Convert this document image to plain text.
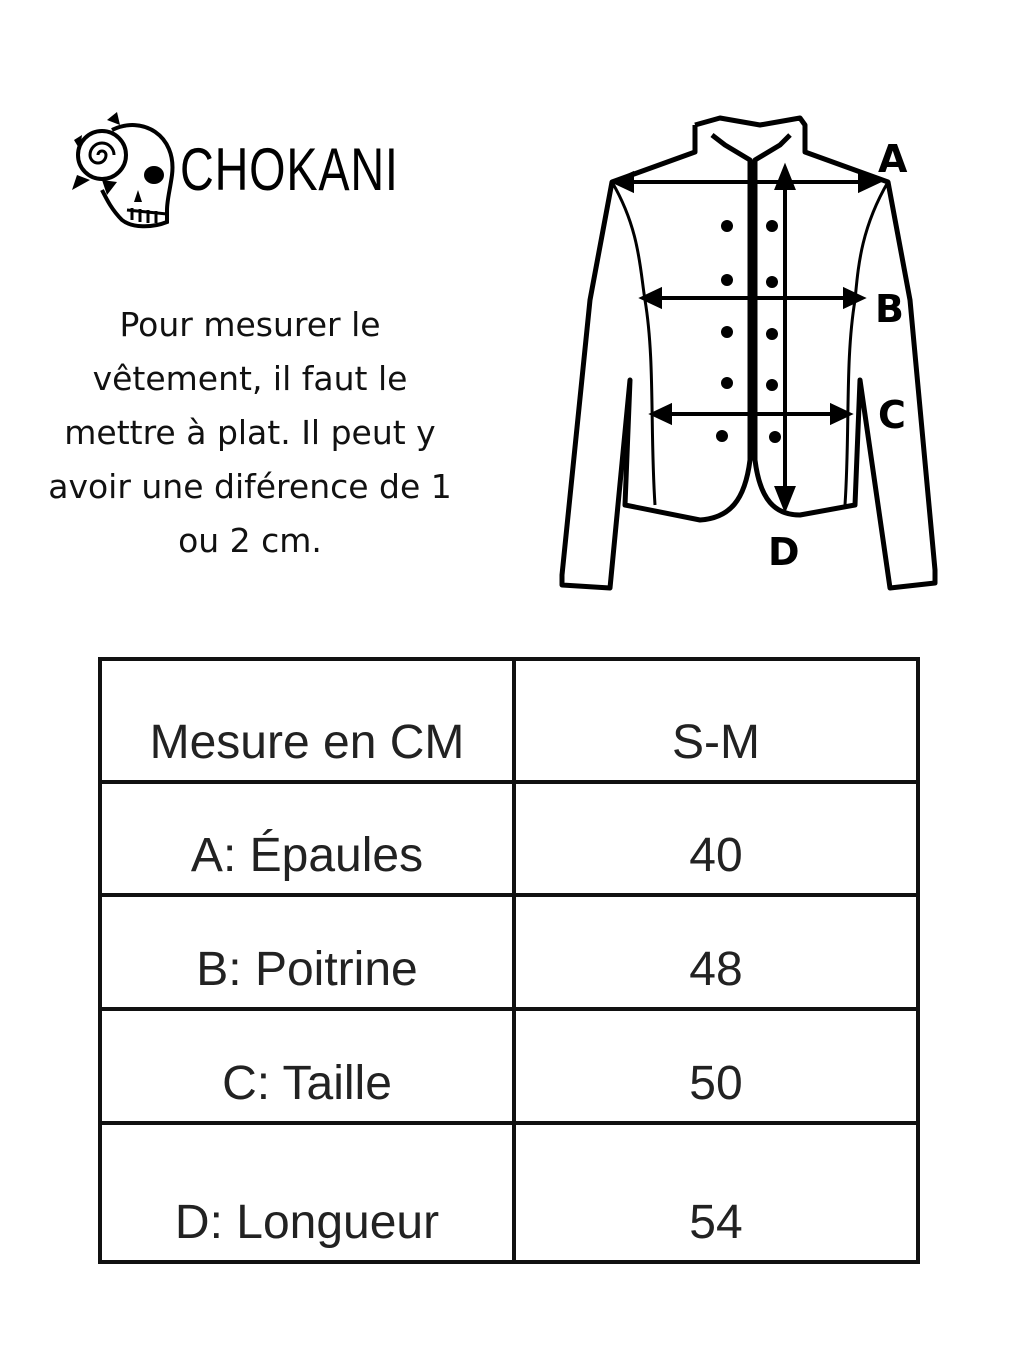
CHOKANI
Pour mesurer le vêtement, il faut le mettre à plat. Il peut y avoir une diférence de 1 ou 2 cm.
A
B
C
D
Mesure en CM	S-M
A: Épaules	40
B: Poitrine	48
C: Taille	50
D: Longueur	54
